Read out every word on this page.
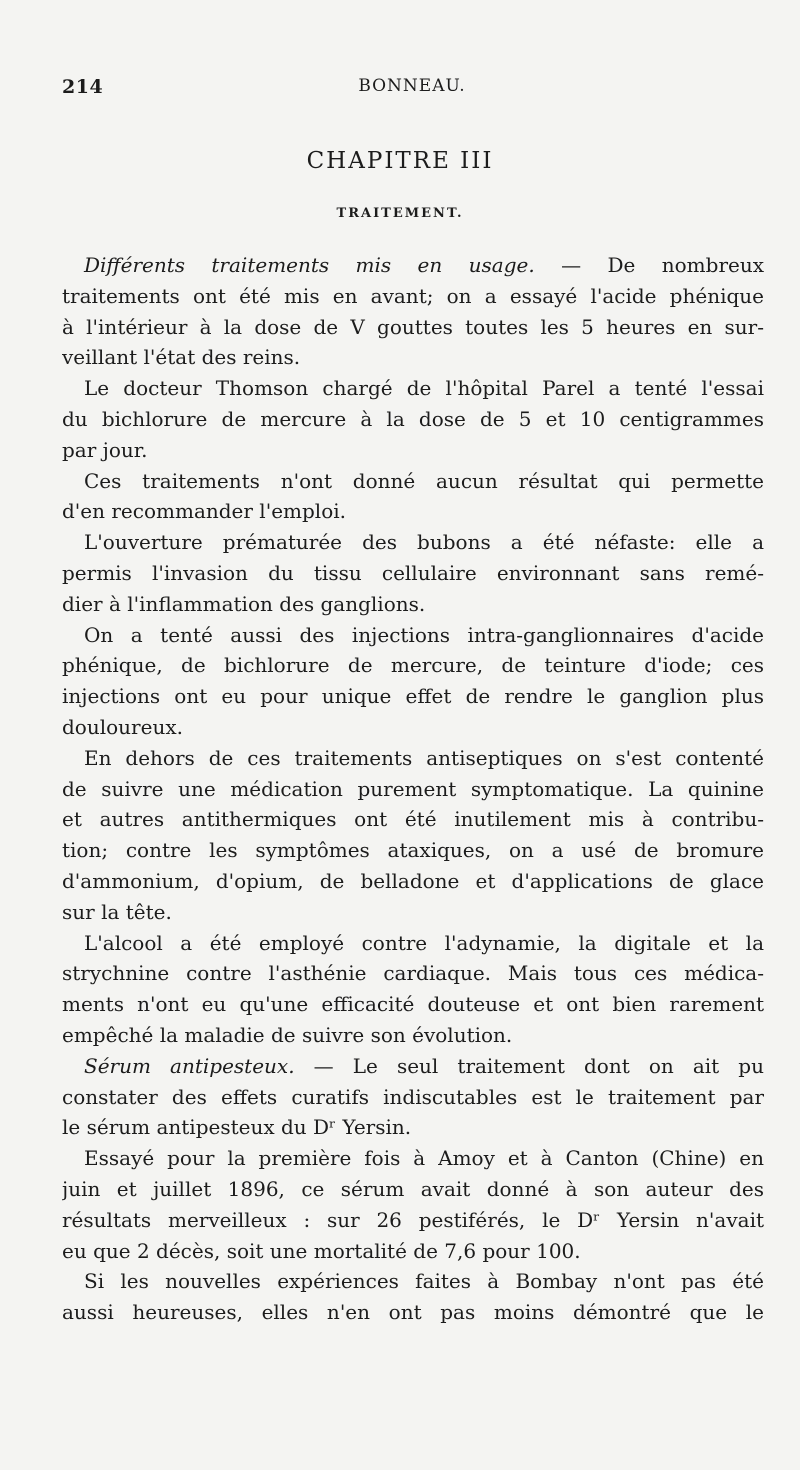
214	BONNEAU.
CHAPITRE III
TRAITEMENT.
Différents traitements mis en usage. — De nombreux
traitements ont été mis en avant; on a essayé l'acide phénique
à l'intérieur à la dose de V gouttes toutes les 5 heures en sur-
veillant l'état des reins.
Le docteur Thomson chargé de l'hôpital Parel a tenté l'essai
du bichlorure de mercure à la dose de 5 et 10 centigrammes
par jour.
Ces traitements n'ont donné aucun résultat qui permette
d'en recommander l'emploi.
L'ouverture prématurée des bubons a été néfaste: elle a
permis l'invasion du tissu cellulaire environnant sans remé-
dier à l'inflammation des ganglions.
On a tenté aussi des injections intra-ganglionnaires d'acide
phénique, de bichlorure de mercure, de teinture d'iode; ces
injections ont eu pour unique effet de rendre le ganglion plus
douloureux.
En dehors de ces traitements antiseptiques on s'est contenté
de suivre une médication purement symptomatique. La quinine
et autres antithermiques ont été inutilement mis à contribu-
tion; contre les symptômes ataxiques, on a usé de bromure
d'ammonium, d'opium, de belladone et d'applications de glace
sur la tête.
L'alcool a été employé contre l'adynamie, la digitale et la
strychnine contre l'asthénie cardiaque. Mais tous ces médica-
ments n'ont eu qu'une efficacité douteuse et ont bien rarement
empêché la maladie de suivre son évolution.
Sérum antipesteux. — Le seul traitement dont on ait pu
constater des effets curatifs indiscutables est le traitement par
le sérum antipesteux du Dʳ Yersin.
Essayé pour la première fois à Amoy et à Canton (Chine) en
juin et juillet 1896, ce sérum avait donné à son auteur des
résultats merveilleux : sur 26 pestiférés, le Dʳ Yersin n'avait
eu que 2 décès, soit une mortalité de 7,6 pour 100.
Si les nouvelles expériences faites à Bombay n'ont pas été
aussi heureuses, elles n'en ont pas moins démontré que le
